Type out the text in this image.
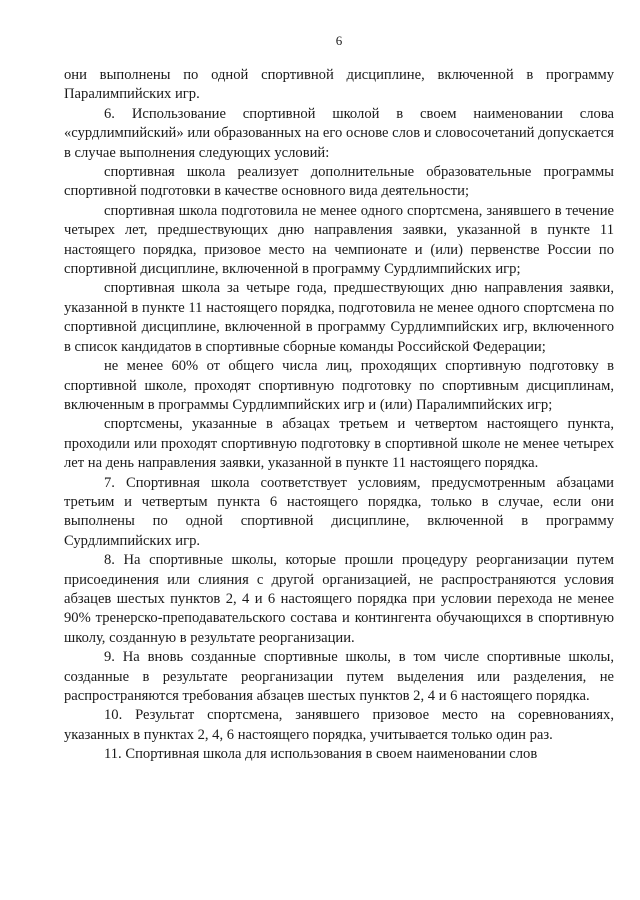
6

они выполнены по одной спортивной дисциплине, включенной в программу Паралимпийских игр.

6. Использование спортивной школой в своем наименовании слова «сурдлимпийский» или образованных на его основе слов и словосочетаний допускается в случае выполнения следующих условий:

спортивная школа реализует дополнительные образовательные программы спортивной подготовки в качестве основного вида деятельности;

спортивная школа подготовила не менее одного спортсмена, занявшего в течение четырех лет, предшествующих дню направления заявки, указанной в пункте 11 настоящего порядка, призовое место на чемпионате и (или) первенстве России по спортивной дисциплине, включенной в программу Сурдлимпийских игр;

спортивная школа за четыре года, предшествующих дню направления заявки, указанной в пункте 11 настоящего порядка, подготовила не менее одного спортсмена по спортивной дисциплине, включенной в программу Сурдлимпийских игр, включенного в список кандидатов в спортивные сборные команды Российской Федерации;

не менее 60% от общего числа лиц, проходящих спортивную подготовку в спортивной школе, проходят спортивную подготовку по спортивным дисциплинам, включенным в программы Сурдлимпийских игр и (или) Паралимпийских игр;

спортсмены, указанные в абзацах третьем и четвертом настоящего пункта, проходили или проходят спортивную подготовку в спортивной школе не менее четырех лет на день направления заявки, указанной в пункте 11 настоящего порядка.

7. Спортивная школа соответствует условиям, предусмотренным абзацами третьим и четвертым пункта 6 настоящего порядка, только в случае, если они выполнены по одной спортивной дисциплине, включенной в программу Сурдлимпийских игр.

8. На спортивные школы, которые прошли процедуру реорганизации путем присоединения или слияния с другой организацией, не распространяются условия абзацев шестых пунктов 2, 4 и 6 настоящего порядка при условии перехода не менее 90% тренерско-преподавательского состава и контингента обучающихся в спортивную школу, созданную в результате реорганизации.

9. На вновь созданные спортивные школы, в том числе спортивные школы, созданные в результате реорганизации путем выделения или разделения, не распространяются требования абзацев шестых пунктов 2, 4 и 6 настоящего порядка.

10. Результат спортсмена, занявшего призовое место на соревнованиях, указанных в пунктах 2, 4, 6 настоящего порядка, учитывается только один раз.

11. Спортивная школа для использования в своем наименовании слов
